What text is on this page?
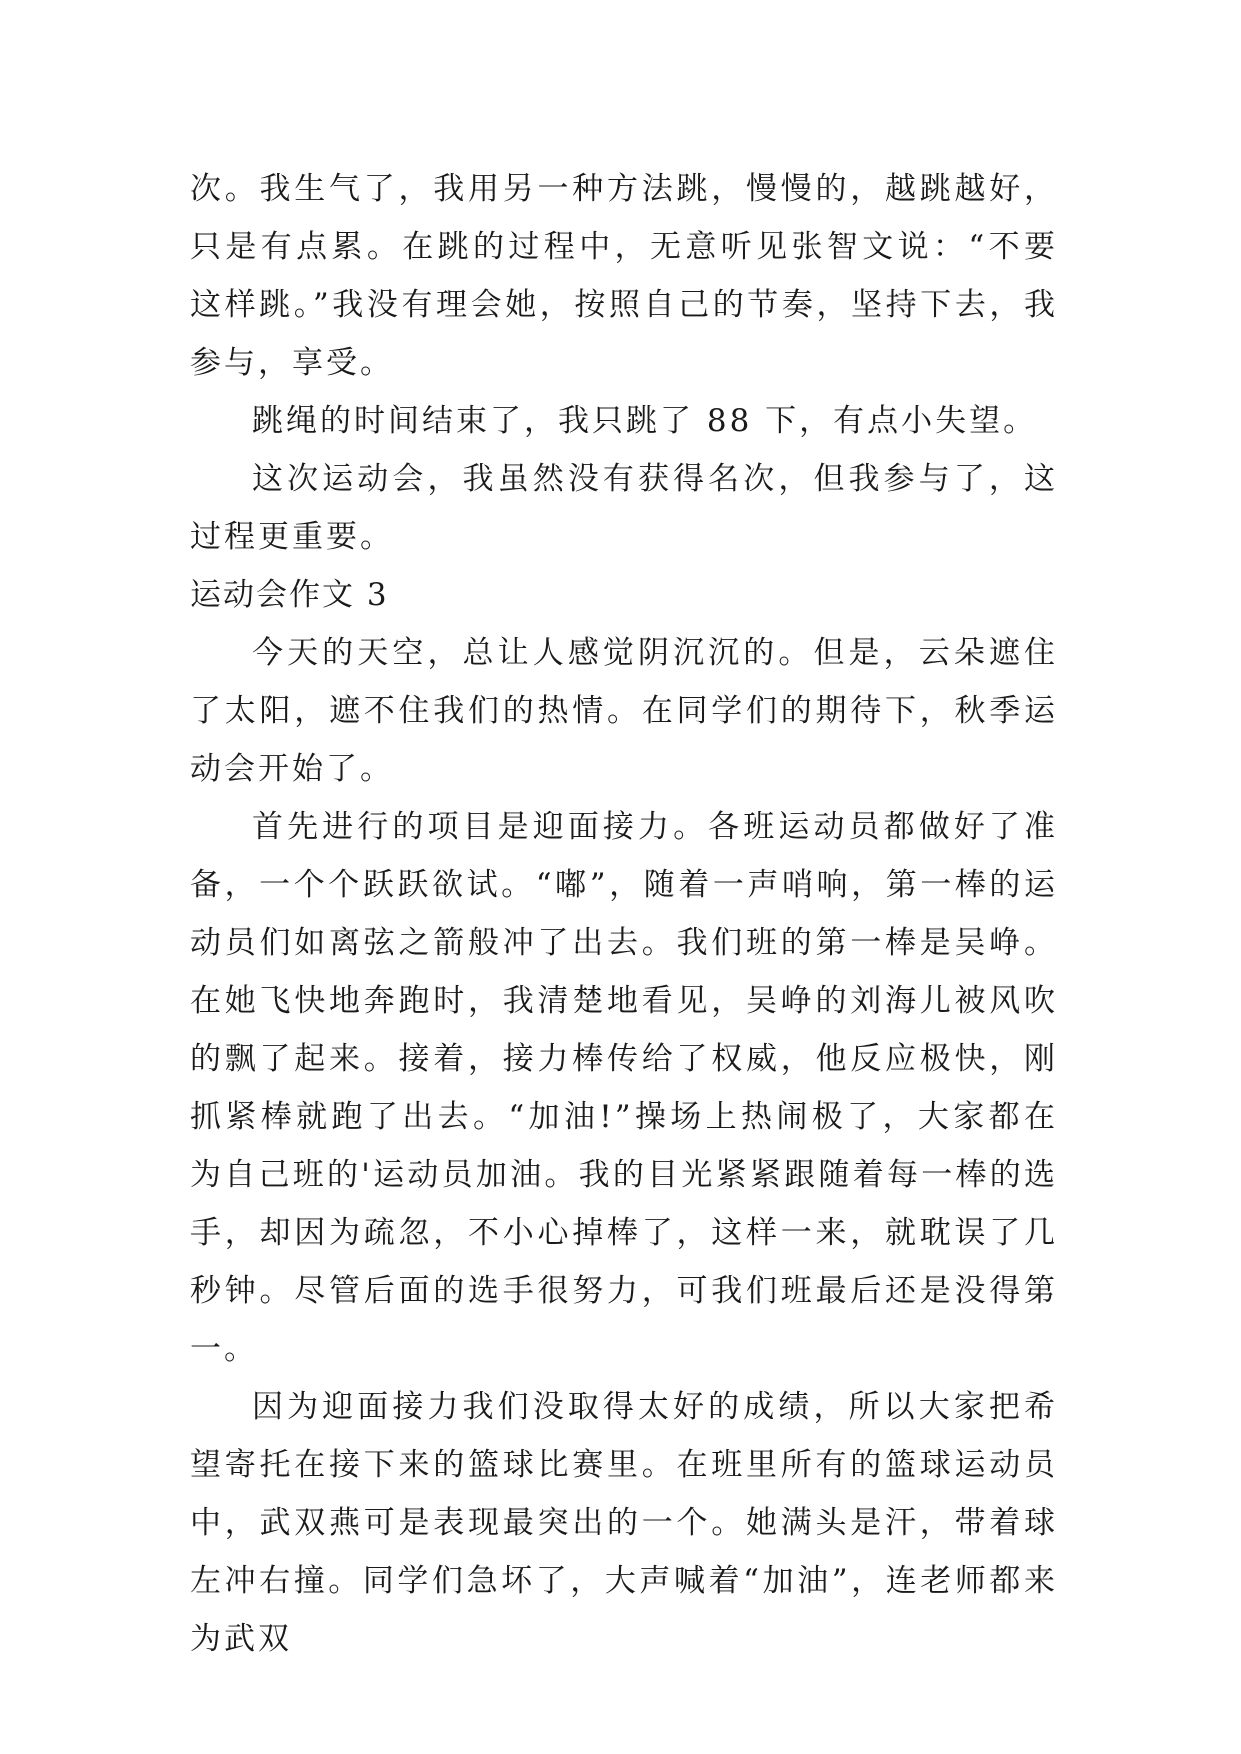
次。我生气了，我用另一种方法跳，慢慢的，越跳越好，只是有点累。在跳的过程中，无意听见张智文说：“不要这样跳。”我没有理会她，按照自己的节奏，坚持下去，我参与，享受。

跳绳的时间结束了，我只跳了 88 下，有点小失望。

这次运动会，我虽然没有获得名次，但我参与了，这过程更重要。

运动会作文 3

今天的天空，总让人感觉阴沉沉的。但是，云朵遮住了太阳，遮不住我们的热情。在同学们的期待下，秋季运动会开始了。

首先进行的项目是迎面接力。各班运动员都做好了准备，一个个跃跃欲试。“嘟”，随着一声哨响，第一棒的运动员们如离弦之箭般冲了出去。我们班的第一棒是吴峥。在她飞快地奔跑时，我清楚地看见，吴峥的刘海儿被风吹的飘了起来。接着，接力棒传给了权威，他反应极快，刚抓紧棒就跑了出去。“加油!”操场上热闹极了，大家都在为自己班的'运动员加油。我的目光紧紧跟随着每一棒的选手，却因为疏忽，不小心掉棒了，这样一来，就耽误了几秒钟。尽管后面的选手很努力，可我们班最后还是没得第一。

因为迎面接力我们没取得太好的成绩，所以大家把希望寄托在接下来的篮球比赛里。在班里所有的篮球运动员中，武双燕可是表现最突出的一个。她满头是汗，带着球左冲右撞。同学们急坏了，大声喊着“加油”，连老师都来为武双
